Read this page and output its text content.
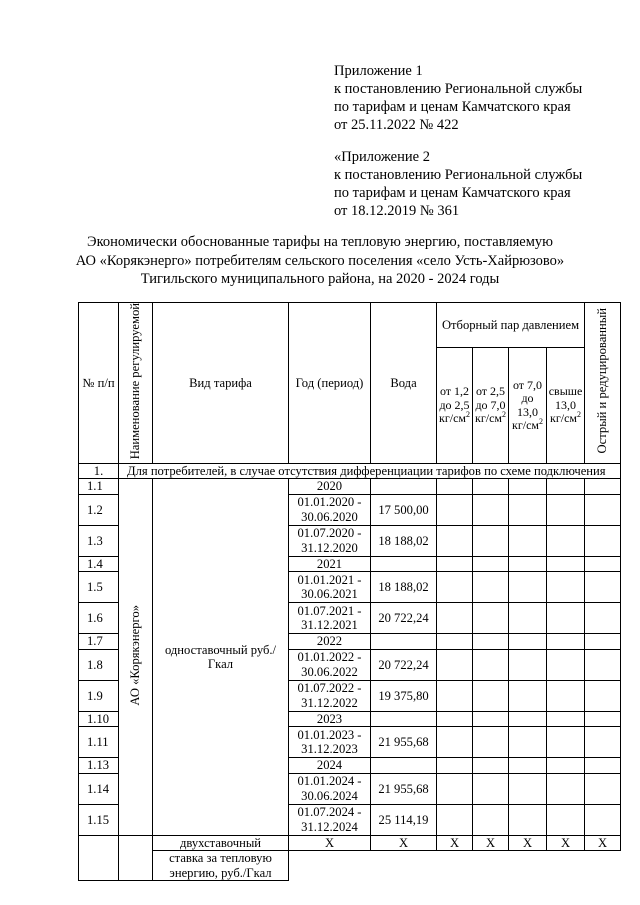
Приложение 1
к постановлению Региональной службы
по тарифам и ценам Камчатского края
от 25.11.2022 № 422
«Приложение 2
к постановлению Региональной службы
по тарифам и ценам Камчатского края
от 18.12.2019 № 361
Экономически обоснованные тарифы на тепловую энергию, поставляемую
АО «Корякэнерго» потребителям сельского поселения «село Усть-Хайрюзово»
Тигильского муниципального района, на 2020 - 2024 годы
№ п/п	Наименование регулируемой	Вид тарифа	Год (период)	Вода	Отборный пар давлением				Острый и редуцированный
					от 1,2 до 2,5 $кг/см^2$	от 2,5 до 7,0 $кг/см^2$	от 7,0 до 13,0 $кг/см^2$	свыше 13,0 $кг/см^2$
1.	Для потребителей, в случае отсутствия дифференциации тарифов по схеме подключения								
1.1	АО «Корякэнерго»	одноставочный руб./Гкал	2020						
1.2			01.01.2020 - 30.06.2020	17 500,00					
1.3			01.07.2020 - 31.12.2020	18 188,02					
1.4			2021						
1.5			01.01.2021 - 30.06.2021	18 188,02					
1.6			01.07.2021 - 31.12.2021	20 722,24					
1.7			2022						
1.8			01.01.2022 - 30.06.2022	20 722,24					
1.9			01.07.2022 - 31.12.2022	19 375,80					
1.10			2023						
1.11			01.01.2023 - 31.12.2023	21 955,68					
1.13			2024						
1.14			01.01.2024 - 30.06.2024	21 955,68					
1.15			01.07.2024 - 31.12.2024	25 114,19					
		двухставочный	X	X	X	X	X	X	X
		ставка за тепловую энергию, руб./Гкал							
